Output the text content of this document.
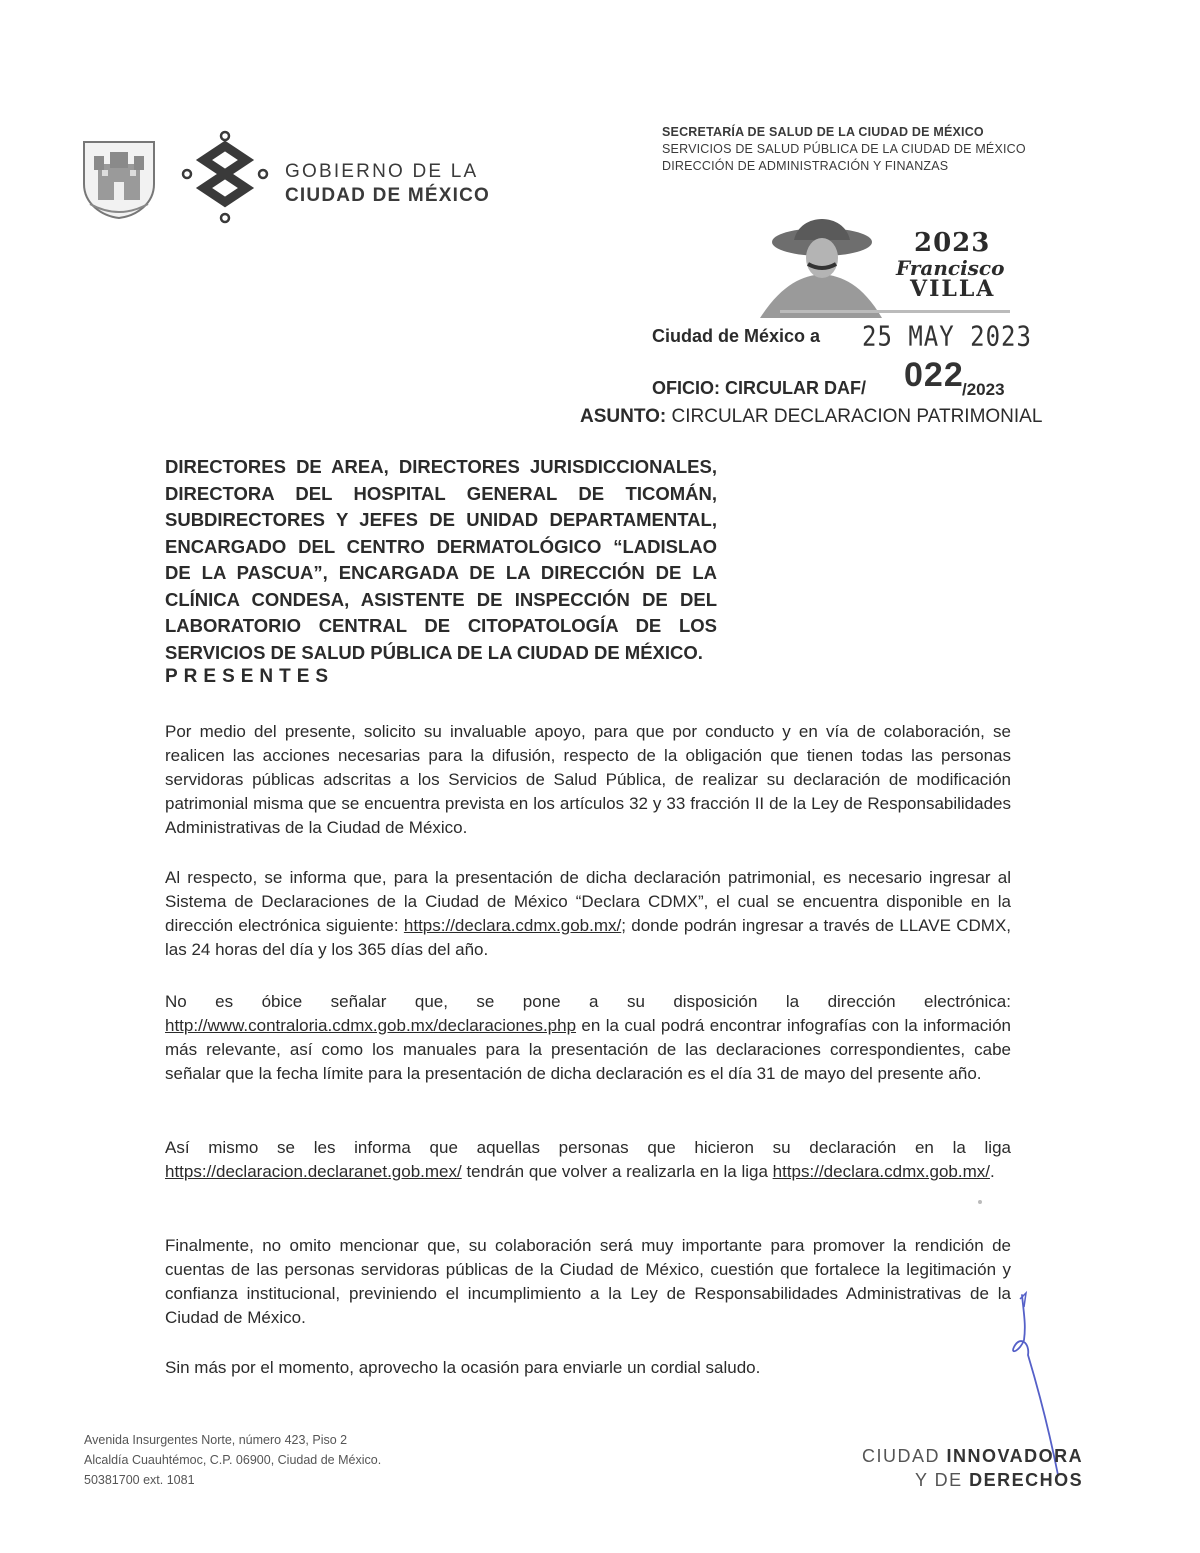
GOBIERNO DE LA
CIUDAD DE MÉXICO
SECRETARÍA DE SALUD DE LA CIUDAD DE MÉXICO
SERVICIOS DE SALUD PÚBLICA DE LA CIUDAD DE MÉXICO
DIRECCIÓN DE ADMINISTRACIÓN Y FINANZAS
2023
Francisco
VILLA
Ciudad de México a 25 MAY 2023
OFICIO: CIRCULAR DAF/ 022
/2023
ASUNTO: CIRCULAR DECLARACION PATRIMONIAL

DIRECTORES DE AREA, DIRECTORES JURISDICCIONALES, DIRECTORA DEL HOSPITAL GENERAL DE TICOMÁN, SUBDIRECTORES Y JEFES DE UNIDAD DEPARTAMENTAL, ENCARGADO DEL CENTRO DERMATOLÓGICO “LADISLAO DE LA PASCUA”, ENCARGADA DE LA DIRECCIÓN DE LA CLÍNICA CONDESA, ASISTENTE DE INSPECCIÓN DE DEL LABORATORIO CENTRAL DE CITOPATOLOGÍA DE LOS SERVICIOS DE SALUD PÚBLICA DE LA CIUDAD DE MÉXICO.

PRESENTES

Por medio del presente, solicito su invaluable apoyo, para que por conducto y en vía de colaboración, se realicen las acciones necesarias para la difusión, respecto de la obligación que tienen todas las personas servidoras públicas adscritas a los Servicios de Salud Pública, de realizar su declaración de modificación patrimonial misma que se encuentra prevista en los artículos 32 y 33 fracción II de la Ley de Responsabilidades Administrativas de la Ciudad de México.

Al respecto, se informa que, para la presentación de dicha declaración patrimonial, es necesario ingresar al Sistema de Declaraciones de la Ciudad de México “Declara CDMX”, el cual se encuentra disponible en la dirección electrónica siguiente: https://declara.cdmx.gob.mx/; donde podrán ingresar a través de LLAVE CDMX, las 24 horas del día y los 365 días del año.

No es óbice señalar que, se pone a su disposición la dirección electrónica: http://www.contraloria.cdmx.gob.mx/declaraciones.php en la cual podrá encontrar infografías con la información más relevante, así como los manuales para la presentación de las declaraciones correspondientes, cabe señalar que la fecha límite para la presentación de dicha declaración es el día 31 de mayo del presente año.

Así mismo se les informa que aquellas personas que hicieron su declaración en la liga https://declaracion.declaranet.gob.mex/ tendrán que volver a realizarla en la liga https://declara.cdmx.gob.mx/.

Finalmente, no omito mencionar que, su colaboración será muy importante para promover la rendición de cuentas de las personas servidoras públicas de la Ciudad de México, cuestión que fortalece la legitimación y confianza institucional, previniendo el incumplimiento a la Ley de Responsabilidades Administrativas de la Ciudad de México.

Sin más por el momento, aprovecho la ocasión para enviarle un cordial saludo.

Avenida Insurgentes Norte, número 423, Piso 2
Alcaldía Cuauhtémoc, C.P. 06900, Ciudad de México.
50381700 ext. 1081
CIUDAD INNOVADORA
Y DE DERECHOS
